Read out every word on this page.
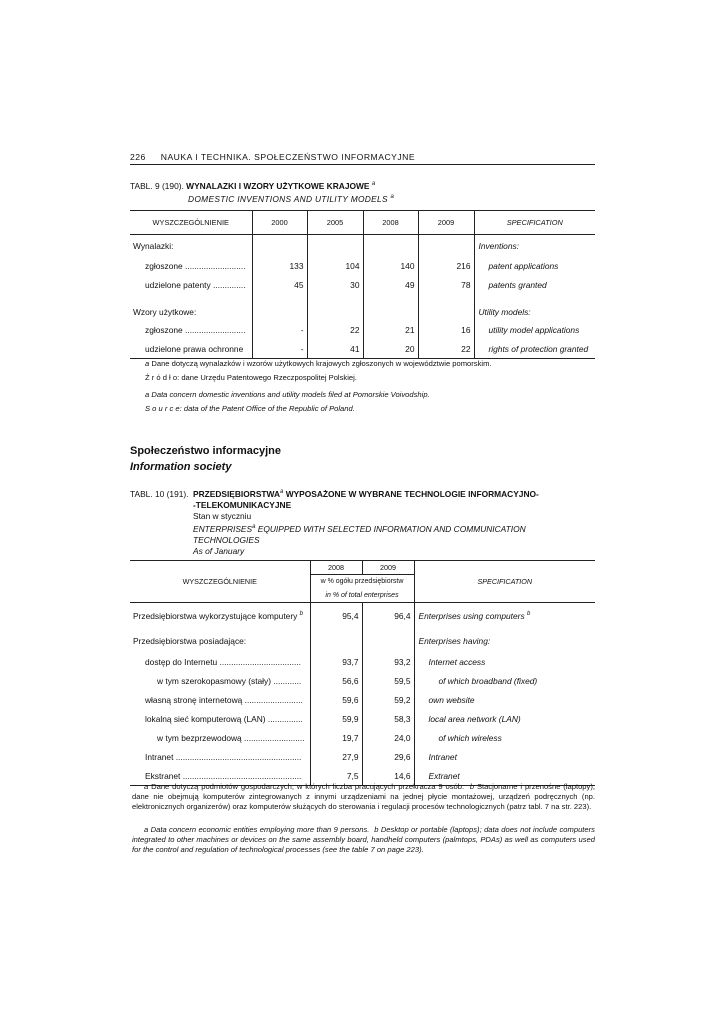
226 NAUKA I TECHNIKA. SPOŁECZEŃSTWO INFORMACYJNE
TABL. 9 (190). WYNALAZKI I WZORY UŻYTKOWE KRAJOWE $^a$
DOMESTIC INVENTIONS AND UTILITY MODELS $^a$
WYSZCZEGÓLNIENIE	2000	2005	2008	2009	SPECIFICATION
Wynalazki:					Inventions:
zgłoszone ..........................	133	104	140	216	patent applications
udzielone patenty ..............	45	30	49	78	patents granted
Wzory użytkowe:					Utility models:
zgłoszone ..........................	-	22	21	16	utility model applications
udzielone prawa ochronne	-	41	20	22	rights of protection granted
a Dane dotyczą wynalazków i wzorów użytkowych krajowych zgłoszonych w województwie pomorskim.
Ź r ó d ł o: dane Urzędu Patentowego Rzeczpospolitej Polskiej.
a Data concern domestic inventions and utility models filed at Pomorskie Voivodship.
S o u r c e: data of the Patent Office of the Republic of Poland.
Społeczeństwo informacyjne
Information society
TABL. 10 (191). PRZEDSIĘBIORSTWA$^a$ WYPOSAŻONE W WYBRANE TECHNOLOGIE INFORMACYJNO-
-TELEKOMUNIKACYJNE
Stan w styczniu
ENTERPRISES$^a$ EQUIPPED WITH SELECTED INFORMATION AND COMMUNICATION
TECHNOLOGIES
As of January
WYSZCZEGÓLNIENIE	2008	2009	SPECIFICATION
	w % ogółu przedsiębiorstw		
	in % of total enterprises		
Przedsiębiorstwa wykorzystujące komputery $^b$	95,4	96,4	Enterprises using computers $^b$
Przedsiębiorstwa posiadające:			Enterprises having:
dostęp do Internetu ...................................	93,7	93,2	Internet access
w tym szerokopasmowy (stały) ............	56,6	59,5	of which broadband (fixed)
własną stronę internetową .........................	59,6	59,2	own website
lokalną sieć komputerową (LAN) ...............	59,9	58,3	local area network (LAN)
w tym bezprzewodową ..........................	19,7	24,0	of which wireless
Intranet ......................................................	27,9	29,6	Intranet
Ekstranet ...................................................	7,5	14,6	Extranet
a Dane dotyczą podmiotów gospodarczych, w których liczba pracujących przekracza 9 osób. b Stacjonarne i przenośne (laptopy); dane nie obejmują komputerów zintegrowanych z innymi urządzeniami na jednej płycie montażowej, urządzeń podręcznych (np. elektronicznych organizerów) oraz komputerów służących do sterowania i regulacji procesów technologicznych (patrz tabl. 7 na str. 223).
a Data concern economic entities employing more than 9 persons. b Desktop or portable (laptops); data does not include computers integrated to other machines or devices on the same assembly board, handheld computers (palmtops, PDAs) as well as computers used for the control and regulation of technological processes (see the table 7 on page 223).
